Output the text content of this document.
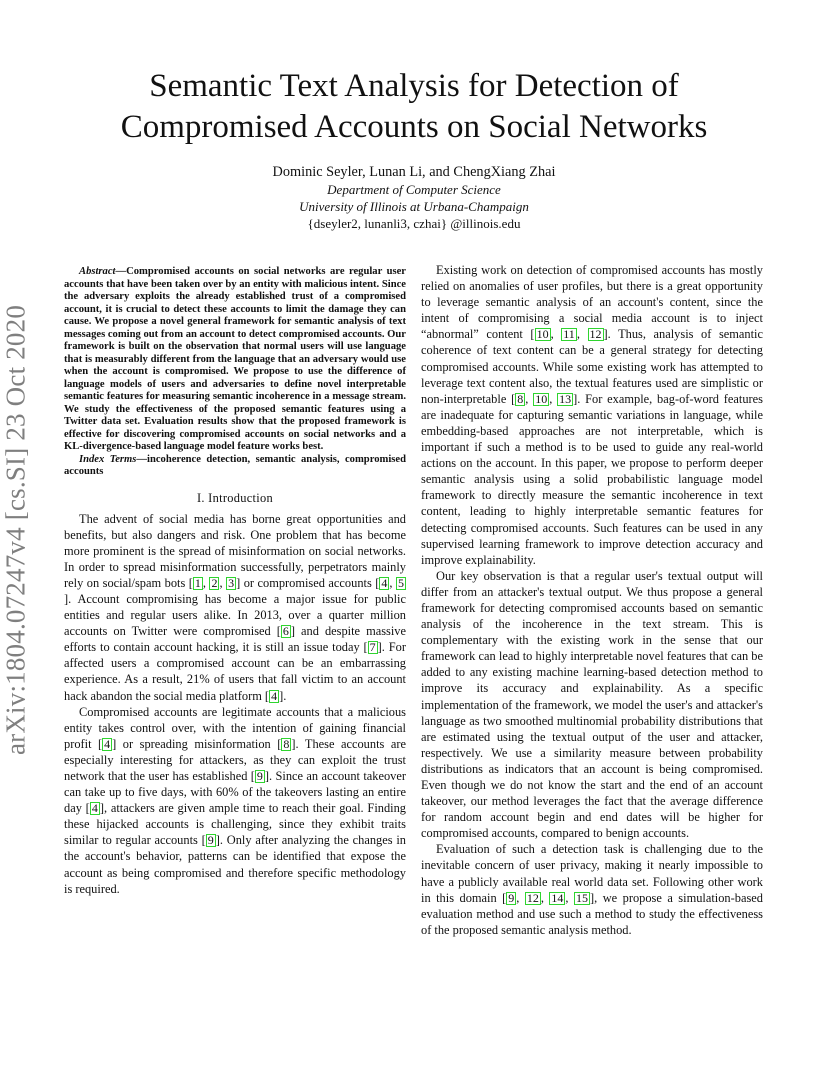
arXiv:1804.07247v4 [cs.SI] 23 Oct 2020
Semantic Text Analysis for Detection of
Compromised Accounts on Social Networks
Dominic Seyler, Lunan Li, and ChengXiang Zhai
Department of Computer Science
University of Illinois at Urbana-Champaign
{dseyler2, lunanli3, czhai} @illinois.edu

Abstract—Compromised accounts on social networks are regular user accounts that have been taken over by an entity with malicious intent. Since the adversary exploits the already established trust of a compromised account, it is crucial to detect these accounts to limit the damage they can cause. We propose a novel general framework for semantic analysis of text messages coming out from an account to detect compromised accounts. Our framework is built on the observation that normal users will use language that is measurably different from the language that an adversary would use when the account is compromised. We propose to use the difference of language models of users and adversaries to define novel interpretable semantic features for measuring semantic incoherence in a message stream. We study the effectiveness of the proposed semantic features using a Twitter data set. Evaluation results show that the proposed framework is effective for discovering compromised accounts on social networks and a KL-divergence-based language model feature works best.

Index Terms—incoherence detection, semantic analysis, compromised accounts

I. Introduction

The advent of social media has borne great opportunities and benefits, but also dangers and risk. One problem that has become more prominent is the spread of misinformation on social networks. In order to spread misinformation successfully, perpetrators mainly rely on social/spam bots [ 1 , 2 , 3 ] or compromised accounts [ 4 , 5]. Account compromising has become a major issue for public entities and regular users alike. In 2013, over a quarter million accounts on Twitter were compromised [ 6 ] and despite massive efforts to contain account hacking, it is still an issue today [ 7 ]. For affected users a compromised account can be an embarrassing experience. As a result, 21% of users that fall victim to an account hack abandon the social media platform [ 4 ].

Compromised accounts are legitimate accounts that a malicious entity takes control over, with the intention of gaining financial profit [ 4 ] or spreading misinformation [ 8 ]. These accounts are especially interesting for attackers, as they can exploit the trust network that the user has established [ 9 ]. Since an account takeover can take up to five days, with 60% of the takeovers lasting an entire day [ 4 ], attackers are given ample time to reach their goal. Finding these hijacked accounts is challenging, since they exhibit traits similar to regular accounts [ 9 ]. Only after analyzing the changes in the account's behavior, patterns can be identified that expose the account as being compromised and therefore specific methodology is required.

Existing work on detection of compromised accounts has mostly relied on anomalies of user profiles, but there is a great opportunity to leverage semantic analysis of an account's content, since the intent of compromising a social media account is to inject “abnormal” content [ 10 , 11 , 12 ]. Thus, analysis of semantic coherence of text content can be a general strategy for detecting compromised accounts. While some existing work has attempted to leverage text content also, the textual features used are simplistic or non-interpretable [ 8 , 10 , 13 ]. For example, bag-of-word features are inadequate for capturing semantic variations in language, while embedding-based approaches are not interpretable, which is important if such a method is to be used to guide any real-world actions on the account. In this paper, we propose to perform deeper semantic analysis using a solid probabilistic language model framework to directly measure the semantic incoherence in text content, leading to highly interpretable semantic features for detecting compromised accounts. Such features can be used in any supervised learning framework to improve detection accuracy and improve explainability.

Our key observation is that a regular user's textual output will differ from an attacker's textual output. We thus propose a general framework for detecting compromised accounts based on semantic analysis of the incoherence in the text stream. This is complementary with the existing work in the sense that our framework can lead to highly interpretable novel features that can be added to any existing machine learning-based detection method to improve its accuracy and explainability. As a specific implementation of the framework, we model the user's and attacker's language as two smoothed multinomial probability distributions that are estimated using the textual output of the user and attacker, respectively. We use a similarity measure between probability distributions as indicators that an account is being compromised. Even though we do not know the start and the end of an account takeover, our method leverages the fact that the average difference for random account begin and end dates will be higher for compromised accounts, compared to benign accounts.

Evaluation of such a detection task is challenging due to the inevitable concern of user privacy, making it nearly impossible to have a publicly available real world data set. Following other work in this domain [ 9 , 12 , 14 , 15 ], we propose a simulation-based evaluation method and use such a method to study the effectiveness of the proposed semantic analysis method.
